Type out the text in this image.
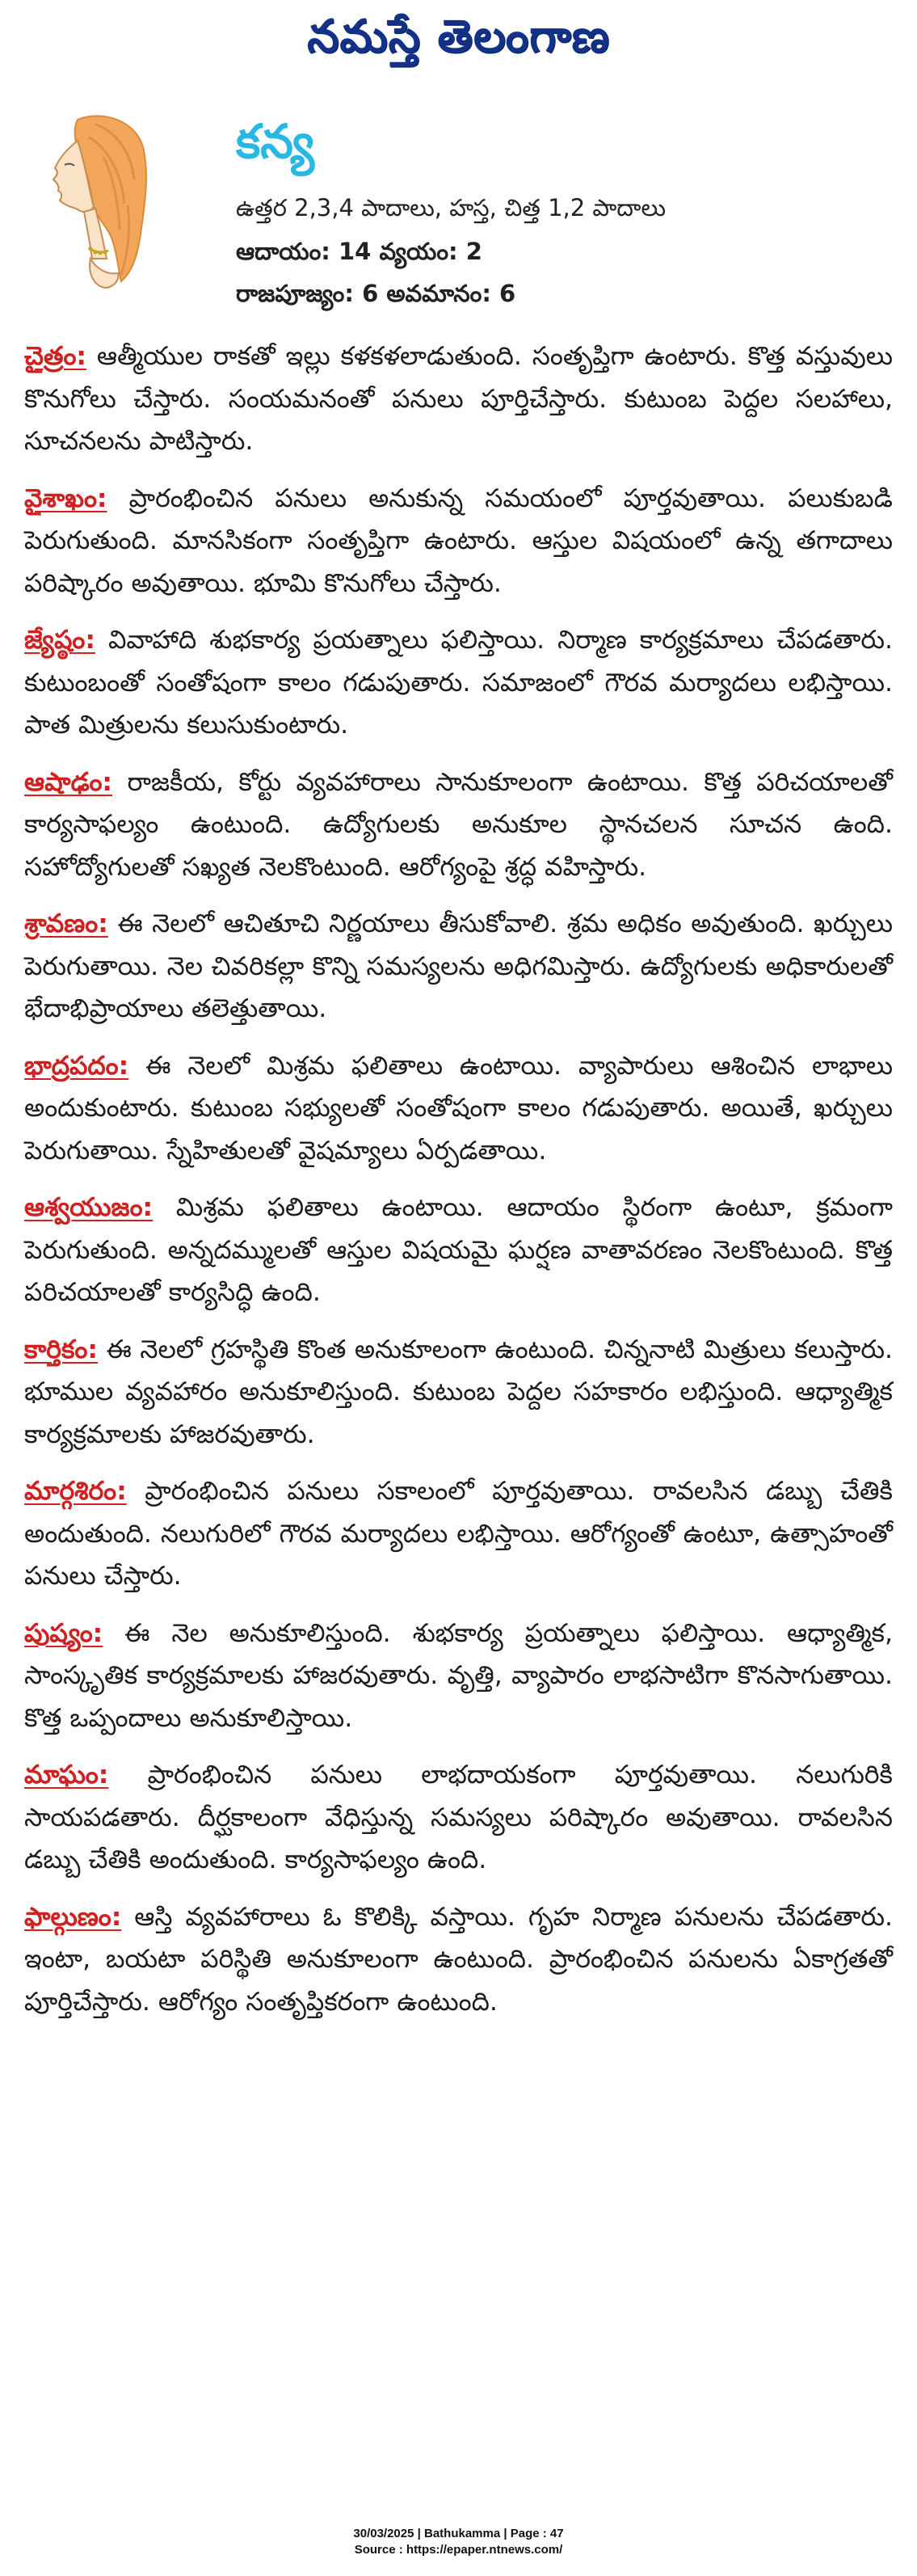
నమస్తే తెలంగాణ
కన్య
ఉత్తర 2,3,4 పాదాలు, హస్త, చిత్త 1,2 పాదాలు
ఆదాయం: 14 వ్యయం: 2
రాజపూజ్యం: 6 అవమానం: 6

చైత్రం: ఆత్మీయుల రాకతో ఇల్లు కళకళలాడుతుంది. సంతృప్తిగా ఉంటారు. కొత్త వస్తువులు కొనుగోలు చేస్తారు. సంయమనంతో పనులు పూర్తిచేస్తారు. కుటుంబ పెద్దల సలహాలు, సూచనలను పాటిస్తారు.

వైశాఖం: ప్రారంభించిన పనులు అనుకున్న సమయంలో పూర్తవుతాయి. పలుకుబడి పెరుగుతుంది. మానసికంగా సంతృప్తిగా ఉంటారు. ఆస్తుల విషయంలో ఉన్న తగాదాలు పరిష్కారం అవుతాయి. భూమి కొనుగోలు చేస్తారు.

జ్యేష్ఠం: వివాహాది శుభకార్య ప్రయత్నాలు ఫలిస్తాయి. నిర్మాణ కార్యక్రమాలు చేపడతారు. కుటుంబంతో సంతోషంగా కాలం గడుపుతారు. సమాజంలో గౌరవ మర్యాదలు లభిస్తాయి. పాత మిత్రులను కలుసుకుంటారు.

ఆషాఢం: రాజకీయ, కోర్టు వ్యవహారాలు సానుకూలంగా ఉంటాయి. కొత్త పరిచయాలతో కార్యసాఫల్యం ఉంటుంది. ఉద్యోగులకు అనుకూల స్థానచలన సూచన ఉంది. సహోద్యోగులతో సఖ్యత నెలకొంటుంది. ఆరోగ్యంపై శ్రద్ధ వహిస్తారు.

శ్రావణం: ఈ నెలలో ఆచితూచి నిర్ణయాలు తీసుకోవాలి. శ్రమ అధికం అవుతుంది. ఖర్చులు పెరుగుతాయి. నెల చివరికల్లా కొన్ని సమస్యలను అధిగమిస్తారు. ఉద్యోగులకు అధికారులతో భేదాభిప్రాయాలు తలెత్తుతాయి.

భాద్రపదం: ఈ నెలలో మిశ్రమ ఫలితాలు ఉంటాయి. వ్యాపారులు ఆశించిన లాభాలు అందుకుంటారు. కుటుంబ సభ్యులతో సంతోషంగా కాలం గడుపుతారు. అయితే, ఖర్చులు పెరుగుతాయి. స్నేహితులతో వైషమ్యాలు ఏర్పడతాయి.

ఆశ్వయుజం: మిశ్రమ ఫలితాలు ఉంటాయి. ఆదాయం స్థిరంగా ఉంటూ, క్రమంగా పెరుగుతుంది. అన్నదమ్ములతో ఆస్తుల విషయమై ఘర్షణ వాతావరణం నెలకొంటుంది. కొత్త పరిచయాలతో కార్యసిద్ధి ఉంది.

కార్తికం: ఈ నెలలో గ్రహస్థితి కొంత అనుకూలంగా ఉంటుంది. చిన్ననాటి మిత్రులు కలుస్తారు. భూముల వ్యవహారం అనుకూలిస్తుంది. కుటుంబ పెద్దల సహకారం లభిస్తుంది. ఆధ్యాత్మిక కార్యక్రమాలకు హాజరవుతారు.

మార్గశిరం: ప్రారంభించిన పనులు సకాలంలో పూర్తవుతాయి. రావలసిన డబ్బు చేతికి అందుతుంది. నలుగురిలో గౌరవ మర్యాదలు లభిస్తాయి. ఆరోగ్యంతో ఉంటూ, ఉత్సాహంతో పనులు చేస్తారు.

పుష్యం: ఈ నెల అనుకూలిస్తుంది. శుభకార్య ప్రయత్నాలు ఫలిస్తాయి. ఆధ్యాత్మిక, సాంస్కృతిక కార్యక్రమాలకు హాజరవుతారు. వృత్తి, వ్యాపారం లాభసాటిగా కొనసాగుతాయి. కొత్త ఒప్పందాలు అనుకూలిస్తాయి.

మాఘం: ప్రారంభించిన పనులు లాభదాయకంగా పూర్తవుతాయి. నలుగురికి సాయపడతారు. దీర్ఘకాలంగా వేధిస్తున్న సమస్యలు పరిష్కారం అవుతాయి. రావలసిన డబ్బు చేతికి అందుతుంది. కార్యసాఫల్యం ఉంది.

ఫాల్గుణం: ఆస్తి వ్యవహారాలు ఓ కొలిక్కి వస్తాయి. గృహ నిర్మాణ పనులను చేపడతారు. ఇంటా, బయటా పరిస్థితి అనుకూలంగా ఉంటుంది. ప్రారంభించిన పనులను ఏకాగ్రతతో పూర్తిచేస్తారు. ఆరోగ్యం సంతృప్తికరంగా ఉంటుంది.

30/03/2025 | Bathukamma | Page : 47
Source : https://epaper.ntnews.com/
